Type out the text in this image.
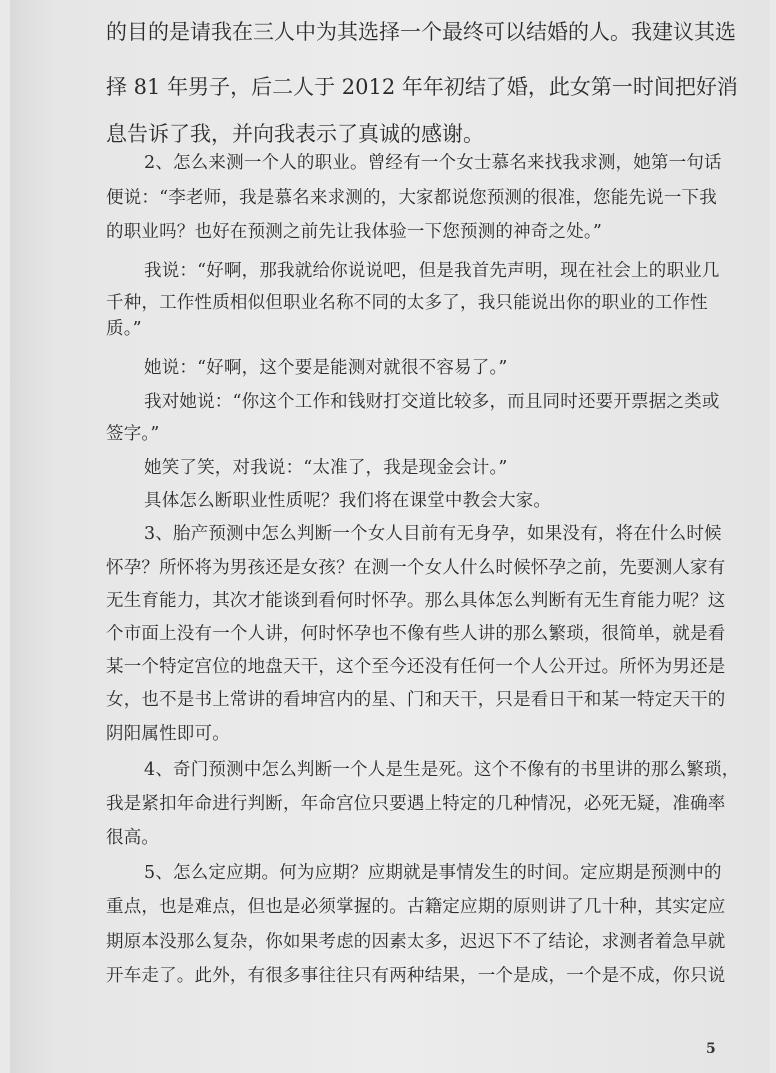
的目的是请我在三人中为其选择一个最终可以结婚的人。我建议其选
择 81 年男子，后二人于 2012 年年初结了婚，此女第一时间把好消
息告诉了我，并向我表示了真诚的感谢。
2、怎么来测一个人的职业。曾经有一个女士慕名来找我求测，她第一句话
便说：“李老师，我是慕名来求测的，大家都说您预测的很准，您能先说一下我
的职业吗？也好在预测之前先让我体验一下您预测的神奇之处。”
我说：“好啊，那我就给你说说吧，但是我首先声明，现在社会上的职业几
千种，工作性质相似但职业名称不同的太多了，我只能说出你的职业的工作性
质。”
她说：“好啊，这个要是能测对就很不容易了。”
我对她说：“你这个工作和钱财打交道比较多，而且同时还要开票据之类或
签字。”
她笑了笑，对我说：“太准了，我是现金会计。”
具体怎么断职业性质呢？我们将在课堂中教会大家。
3、胎产预测中怎么判断一个女人目前有无身孕，如果没有，将在什么时候
怀孕？所怀将为男孩还是女孩？在测一个女人什么时候怀孕之前，先要测人家有
无生育能力，其次才能谈到看何时怀孕。那么具体怎么判断有无生育能力呢？这
个市面上没有一个人讲，何时怀孕也不像有些人讲的那么繁琐，很简单，就是看
某一个特定宫位的地盘天干，这个至今还没有任何一个人公开过。所怀为男还是
女，也不是书上常讲的看坤宫内的星、门和天干，只是看日干和某一特定天干的
阴阳属性即可。
4、奇门预测中怎么判断一个人是生是死。这个不像有的书里讲的那么繁琐，
我是紧扣年命进行判断，年命宫位只要遇上特定的几种情况，必死无疑，准确率
很高。
5、怎么定应期。何为应期？应期就是事情发生的时间。定应期是预测中的
重点，也是难点，但也是必须掌握的。古籍定应期的原则讲了几十种，其实定应
期原本没那么复杂，你如果考虑的因素太多，迟迟下不了结论，求测者着急早就
开车走了。此外，有很多事往往只有两种结果，一个是成，一个是不成，你只说
5
